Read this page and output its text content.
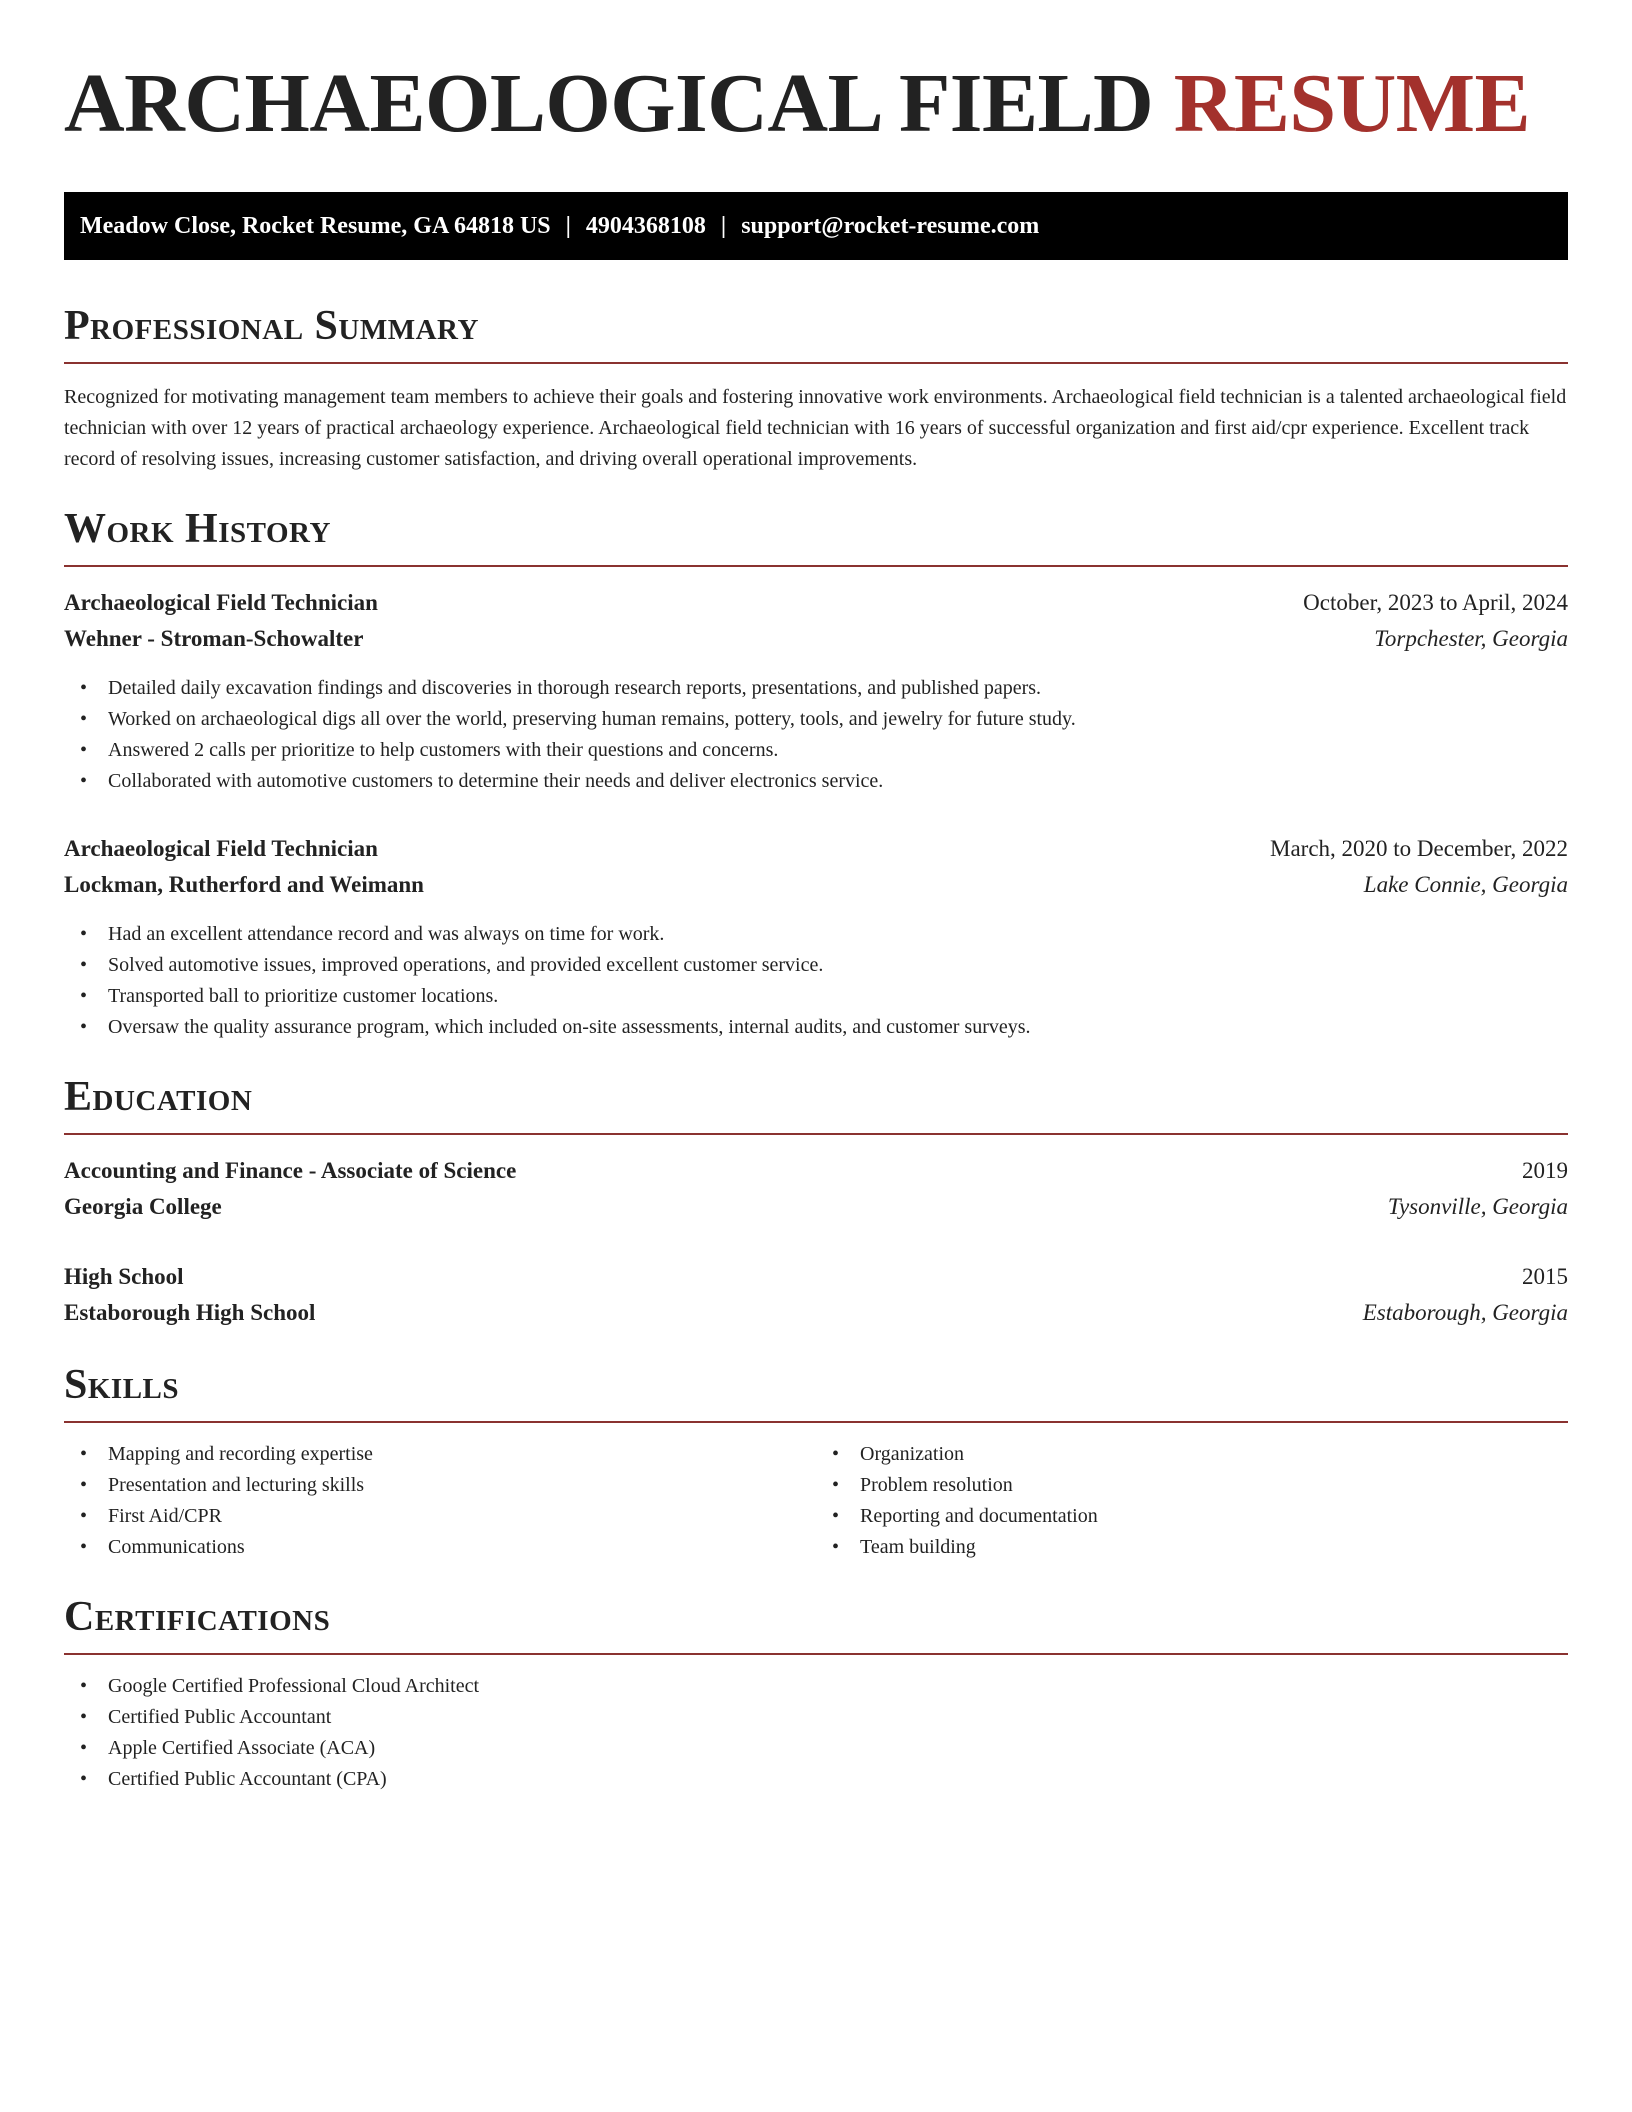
ARCHAEOLOGICAL FIELD RESUME
Meadow Close, Rocket Resume, GA 64818 US | 4904368108 | support@rocket-resume.com
Professional Summary

Recognized for motivating management team members to achieve their goals and fostering innovative work environments. Archaeological field technician is a talented archaeological field technician with over 12 years of practical archaeology experience. Archaeological field technician with 16 years of successful organization and first aid/cpr experience. Excellent track record of resolving issues, increasing customer satisfaction, and driving overall operational improvements.

Work History
Archaeological Field Technician	October, 2023 to April, 2024
Wehner - Stroman-Schowalter	Torpchester, Georgia
• Detailed daily excavation findings and discoveries in thorough research reports, presentations, and published papers.
• Worked on archaeological digs all over the world, preserving human remains, pottery, tools, and jewelry for future study.
• Answered 2 calls per prioritize to help customers with their questions and concerns.
• Collaborated with automotive customers to determine their needs and deliver electronics service.
Archaeological Field Technician	March, 2020 to December, 2022
Lockman, Rutherford and Weimann	Lake Connie, Georgia
• Had an excellent attendance record and was always on time for work.
• Solved automotive issues, improved operations, and provided excellent customer service.
• Transported ball to prioritize customer locations.
• Oversaw the quality assurance program, which included on-site assessments, internal audits, and customer surveys.
Education
Accounting and Finance - Associate of Science	2019
Georgia College	Tysonville, Georgia
High School	2015
Estaborough High School	Estaborough, Georgia
Skills
• Mapping and recording expertise
• Presentation and lecturing skills
• First Aid/CPR
• Communications
• Organization
• Problem resolution
• Reporting and documentation
• Team building
Certifications
• Google Certified Professional Cloud Architect
• Certified Public Accountant
• Apple Certified Associate (ACA)
• Certified Public Accountant (CPA)
